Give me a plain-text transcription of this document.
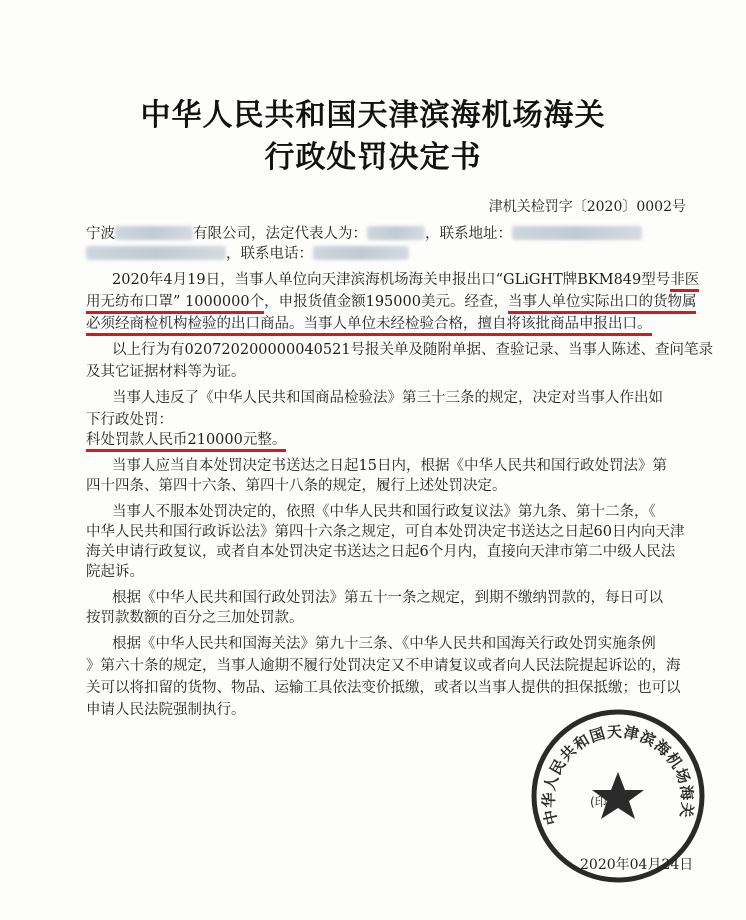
中华人民共和国天津滨海机场海关
行政处罚决定书
津机关检罚字〔2020〕0002号
宁波	有限公司，法定代表人为：	，联系地址：
，联系电话：
2020年4月19日，当事人单位向天津滨海机场海关申报出口“GLiGHT牌BKM849型号非医
用无纺布口罩” 1000000个，申报货值金额195000美元。经查，当事人单位实际出口的货物属
必须经商检机构检验的出口商品。当事人单位未经检验合格，擅自将该批商品申报出口。
以上行为有020720200000040521号报关单及随附单据、查验记录、当事人陈述、查问笔录
及其它证据材料等为证。
当事人违反了《中华人民共和国商品检验法》第三十三条的规定，决定对当事人作出如
下行政处罚：
科处罚款人民币210000元整。
当事人应当自本处罚决定书送达之日起15日内，根据《中华人民共和国行政处罚法》第
四十四条、第四十六条、第四十八条的规定，履行上述处罚决定。
当事人不服本处罚决定的，依照《中华人民共和国行政复议法》第九条、第十二条，《
中华人民共和国行政诉讼法》第四十六条之规定，可自本处罚决定书送达之日起60日内向天津
海关申请行政复议，或者自本处罚决定书送达之日起6个月内，直接向天津市第二中级人民法
院起诉。
根据《中华人民共和国行政处罚法》第五十一条之规定，到期不缴纳罚款的，每日可以
按罚款数额的百分之三加处罚款。
根据《中华人民共和国海关法》第九十三条、《中华人民共和国海关行政处罚实施条例
》第六十条的规定，当事人逾期不履行处罚决定又不申请复议或者向人民法院提起诉讼的，海
关可以将扣留的货物、物品、运输工具依法变价抵缴，或者以当事人提供的担保抵缴；也可以
申请人民法院强制执行。
中华人民共和国天津滨海机场海关
(印章)
2020年04月24日
